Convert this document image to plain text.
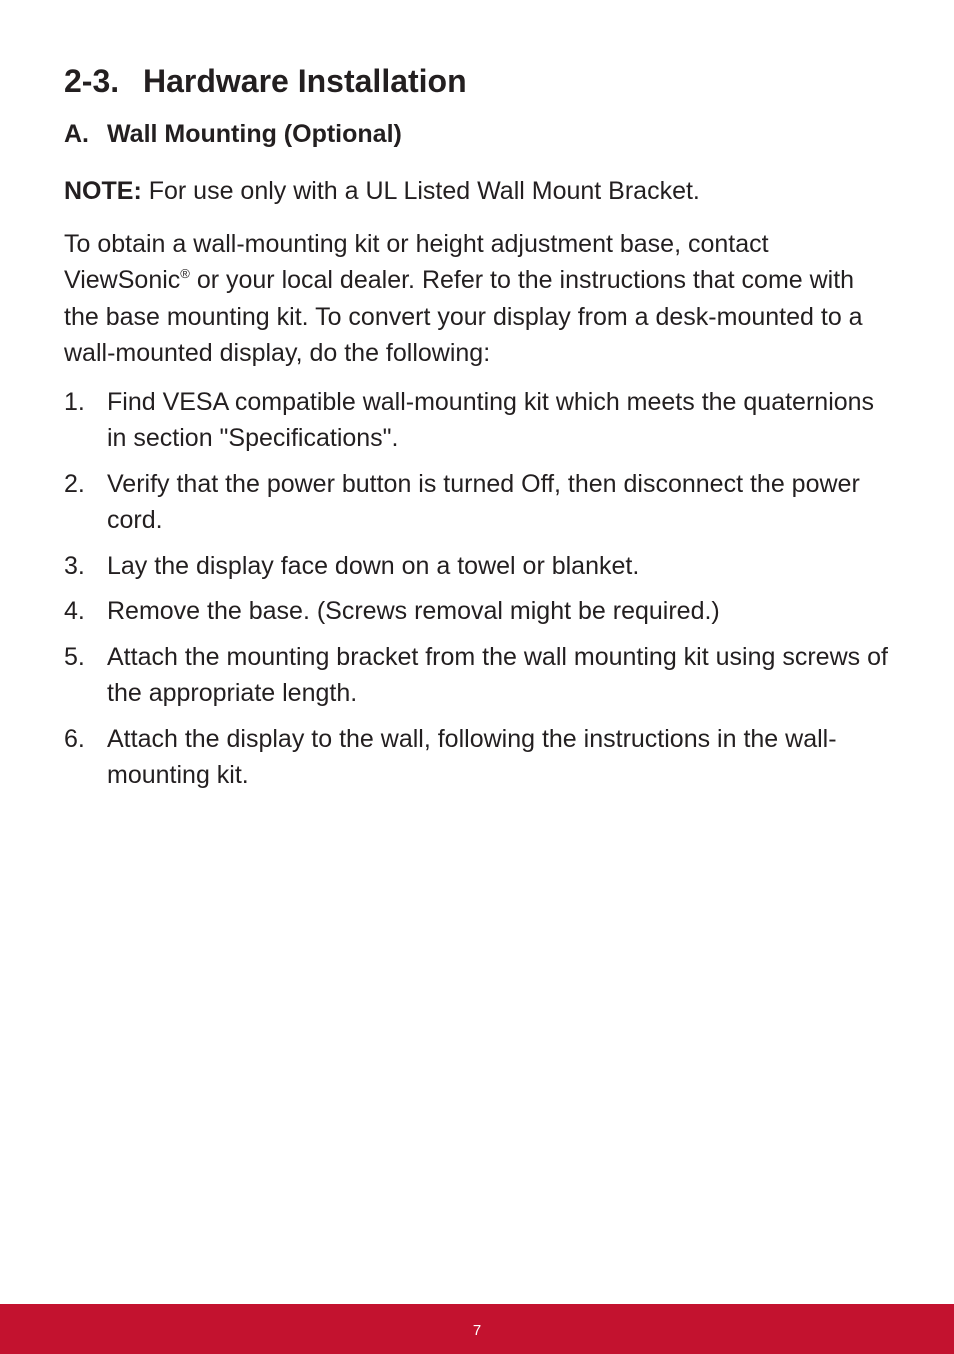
2-3. Hardware Installation
A. Wall Mounting (Optional)

NOTE: For use only with a UL Listed Wall Mount Bracket.

To obtain a wall-mounting kit or height adjustment base, contact ViewSonic® or your local dealer. Refer to the instructions that come with the base mounting kit. To convert your display from a desk-mounted to a wall-mounted display, do the following:

1. Find VESA compatible wall-mounting kit which meets the quaternions in section "Specifications".
2. Verify that the power button is turned Off, then disconnect the power cord.
3. Lay the display face down on a towel or blanket.
4. Remove the base. (Screws removal might be required.)
5. Attach the mounting bracket from the wall mounting kit using screws of the appropriate length.
6. Attach the display to the wall, following the instructions in the wall-mounting kit.
7
